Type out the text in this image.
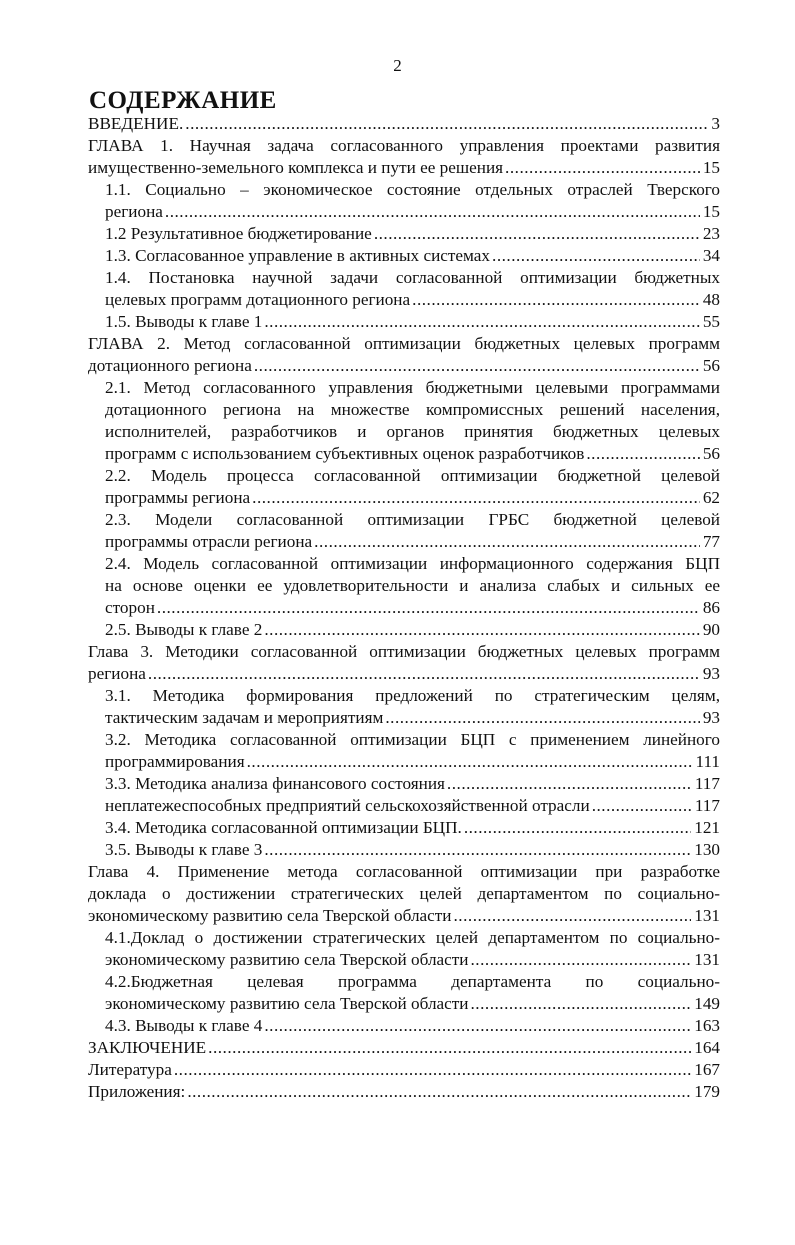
2
СОДЕРЖАНИЕ
ВВЕДЕНИЕ. .....	3
ГЛАВА 1. Научная задача согласованного управления проектами развития
имущественно-земельного комплекса и пути ее решения .....	15
1.1. Социально – экономическое состояние отдельных отраслей Тверского
региона .....	15
1.2 Результативное бюджетирование .....	23
1.3. Согласованное управление в активных системах .....	34
1.4. Постановка научной задачи согласованной оптимизации бюджетных
целевых программ дотационного региона .....	48
1.5. Выводы к главе 1 .....	55
ГЛАВА 2. Метод согласованной оптимизации бюджетных целевых программ
дотационного региона .....	56
2.1. Метод согласованного управления бюджетными целевыми программами
дотационного региона на множестве компромиссных решений населения,
исполнителей, разработчиков и органов принятия бюджетных целевых
программ с использованием субъективных оценок разработчиков .....	56
2.2. Модель процесса согласованной оптимизации бюджетной целевой
программы региона .....	62
2.3. Модели согласованной оптимизации ГРБС бюджетной целевой
программы отрасли региона .....	77
2.4. Модель согласованной оптимизации информационного содержания БЦП
на основе оценки ее удовлетворительности и анализа слабых и сильных ее
сторон .....	86
2.5. Выводы к главе 2 .....	90
Глава 3. Методики согласованной оптимизации бюджетных целевых программ
региона .....	93
3.1. Методика формирования предложений по стратегическим целям,
тактическим задачам и мероприятиям .....	93
3.2. Методика согласованной оптимизации БЦП с применением линейного
программирования .....	111
3.3. Методика анализа финансового состояния .....	117
неплатежеспособных предприятий сельскохозяйственной отрасли .....	117
3.4. Методика согласованной оптимизации БЦП. .....	121
3.5. Выводы к главе 3 .....	130
Глава 4. Применение метода согласованной оптимизации при разработке
доклада о достижении стратегических целей департаментом по социально-
экономическому развитию села Тверской области .....	131
4.1.Доклад о достижении стратегических целей департаментом по социально-
экономическому развитию села Тверской области .....	131
4.2.Бюджетная целевая программа департамента по социально-
экономическому развитию села Тверской области .....	149
4.3. Выводы к главе 4 .....	163
ЗАКЛЮЧЕНИЕ .....	164
Литература .....	167
Приложения: .....	179
